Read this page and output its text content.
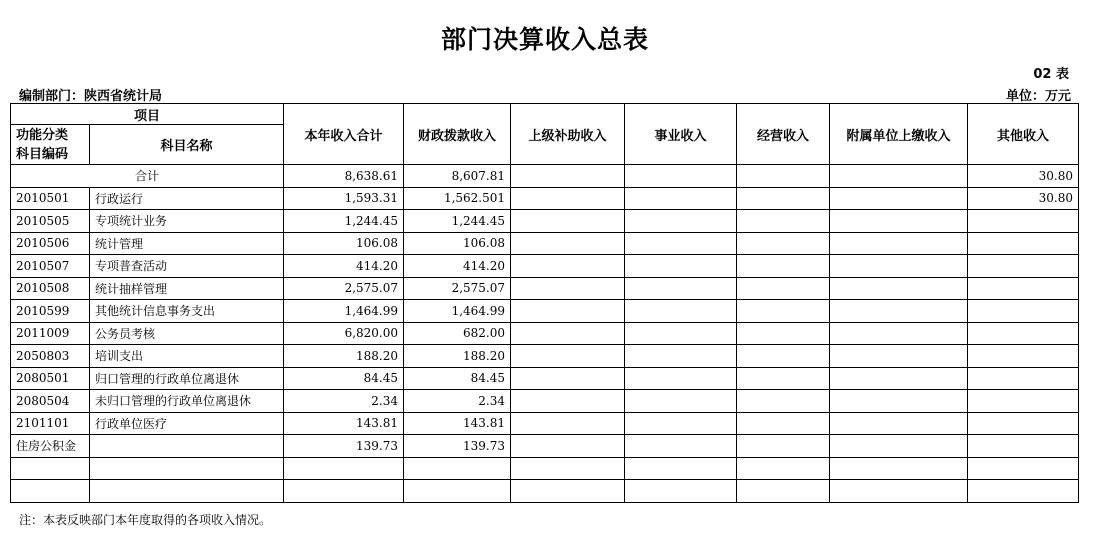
部门决算收入总表
02 表
编制部门：陕西省统计局	单位：万元
项目		本年收入合计	财政拨款收入	上级补助收入	事业收入	经营收入	附属单位上缴收入	其他收入

功能分类
科目编码	科目名称							
合计		8,638.61	8,607.81					30.80
2010501	行政运行	1,593.31	1,562.501					30.80
2010505	专项统计业务	1,244.45	1,244.45					
2010506	统计管理	106.08	106.08					
2010507	专项普查活动	414.20	414.20					
2010508	统计抽样管理	2,575.07	2,575.07					
2010599	其他统计信息事务支出	1,464.99	1,464.99					
2011009	公务员考核	6,820.00	682.00					
2050803	培训支出	188.20	188.20					
2080501	归口管理的行政单位离退休	84.45	84.45					
2080504	未归口管理的行政单位离退休	2.34	2.34					
2101101	行政单位医疗	143.81	143.81					
住房公积金		139.73	139.73					

注：本表反映部门本年度取得的各项收入情况。
